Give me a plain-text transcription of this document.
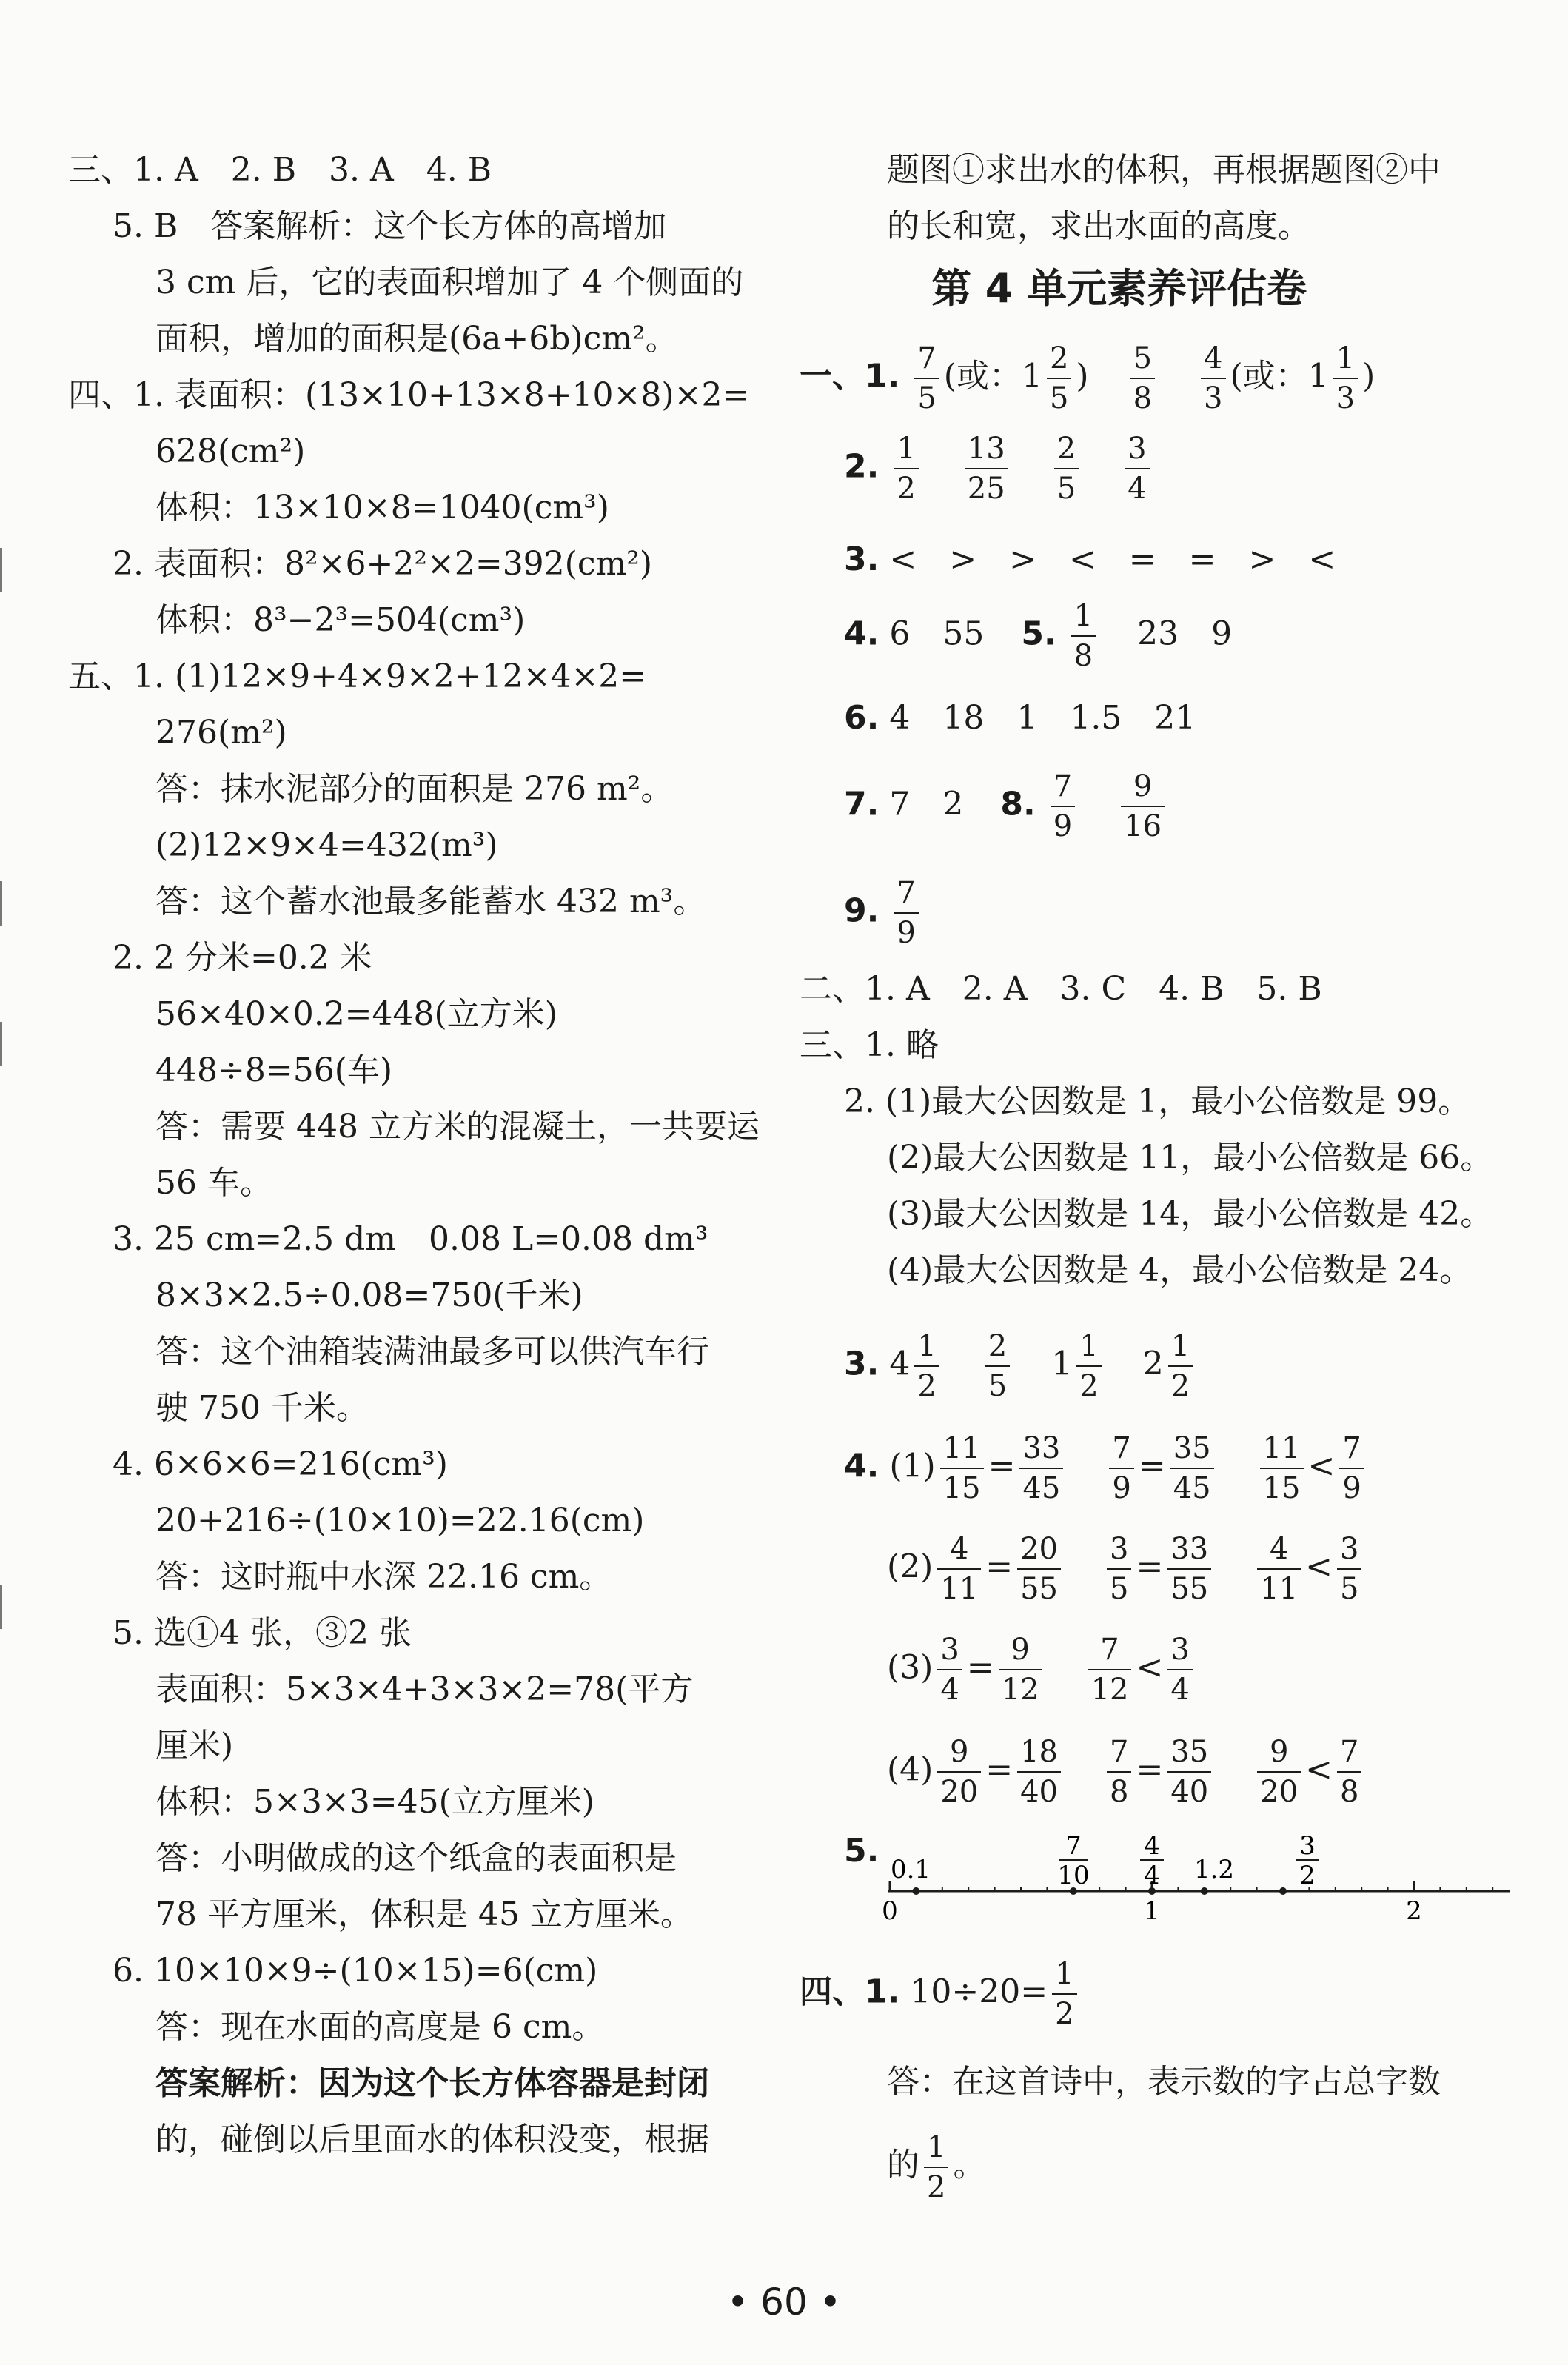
三、1. A　2. B　3. A　4. B
5. B　答案解析：这个长方体的高增加
3 cm 后，它的表面积增加了 4 个侧面的
面积，增加的面积是(6a+6b)cm²。
四、1. 表面积：(13×10+13×8+10×8)×2=
628(cm²)
体积：13×10×8=1040(cm³)
2. 表面积：8²×6+2²×2=392(cm²)
体积：8³−2³=504(cm³)
五、1. (1)12×9+4×9×2+12×4×2=
276(m²)
答：抹水泥部分的面积是 276 m²。
(2)12×9×4=432(m³)
答：这个蓄水池最多能蓄水 432 m³。
2. 2 分米=0.2 米
56×40×0.2=448(立方米)
448÷8=56(车)
答：需要 448 立方米的混凝土，一共要运
56 车。
3. 25 cm=2.5 dm　0.08 L=0.08 dm³
8×3×2.5÷0.08=750(千米)
答：这个油箱装满油最多可以供汽车行
驶 750 千米。
4. 6×6×6=216(cm³)
20+216÷(10×10)=22.16(cm)
答：这时瓶中水深 22.16 cm。
5. 选①4 张，③2 张
表面积：5×3×4+3×3×2=78(平方
厘米)
体积：5×3×3=45(立方厘米)
答：小明做成的这个纸盒的表面积是
78 平方厘米，体积是 45 立方厘米。
6. 10×10×9÷(10×15)=6(cm)
答：现在水面的高度是 6 cm。
答案解析：因为这个长方体容器是封闭
的，碰倒以后里面水的体积没变，根据
题图①求出水的体积，再根据题图②中
的长和宽，求出水面的高度。
第 4 单元素养评估卷
一、1. $\frac{7}{5}$ (或：$1 \frac{2}{5}$ ) $\frac{5}{8}$
$\frac{4}{3}$ (或：$1 \frac{1}{3}$ )
2. $\frac{1}{2}$
$\frac{13}{25}$
$\frac{2}{5}$
$\frac{3}{4}$
3. <　>　>　<　=　=　>　<
4. 6　55 5. $\frac{1}{8} 23$　9
6. 4　18　1　1.5　21
7. 7　2 8. $\frac{7}{9}$
$\frac{9}{16}$
9. $\frac{7}{9}$
二、1. A　2. A　3. C　4. B　5. B
三、1. 略
2. (1)最大公因数是 1，最小公倍数是 99。
(2)最大公因数是 11，最小公倍数是 66。
(3)最大公因数是 14，最小公倍数是 42。
(4)最大公因数是 4，最小公倍数是 24。
3. $4 \frac{1}{2}$
$\frac{2}{5} 1 \frac{1}{2} 2 \frac{1}{2}$
4. $(1) \frac{11}{15} = \frac{33}{45}$
$\frac{7}{9} = \frac{35}{45}$
$\frac{11}{15} < \frac{7}{9}$
$(2) \frac{4}{11} = \frac{20}{55}$
$\frac{3}{5} = \frac{33}{55}$
$\frac{4}{11} < \frac{3}{5}$
$(3) \frac{3}{4} = \frac{9}{12}$
$\frac{7}{12} < \frac{3}{4}$
$(4) \frac{9}{20} = \frac{18}{40}$
$\frac{7}{8} = \frac{35}{40}$
$\frac{9}{20} < \frac{7}{8}$
5. 0.1
7
10
4
4 1.2
3
2
0	1	2
四、1. $10\div 20= \frac{1}{2}$
答：在这首诗中，表示数的字占总字数
的 $\frac{1}{2}$ 。
• 60 •
